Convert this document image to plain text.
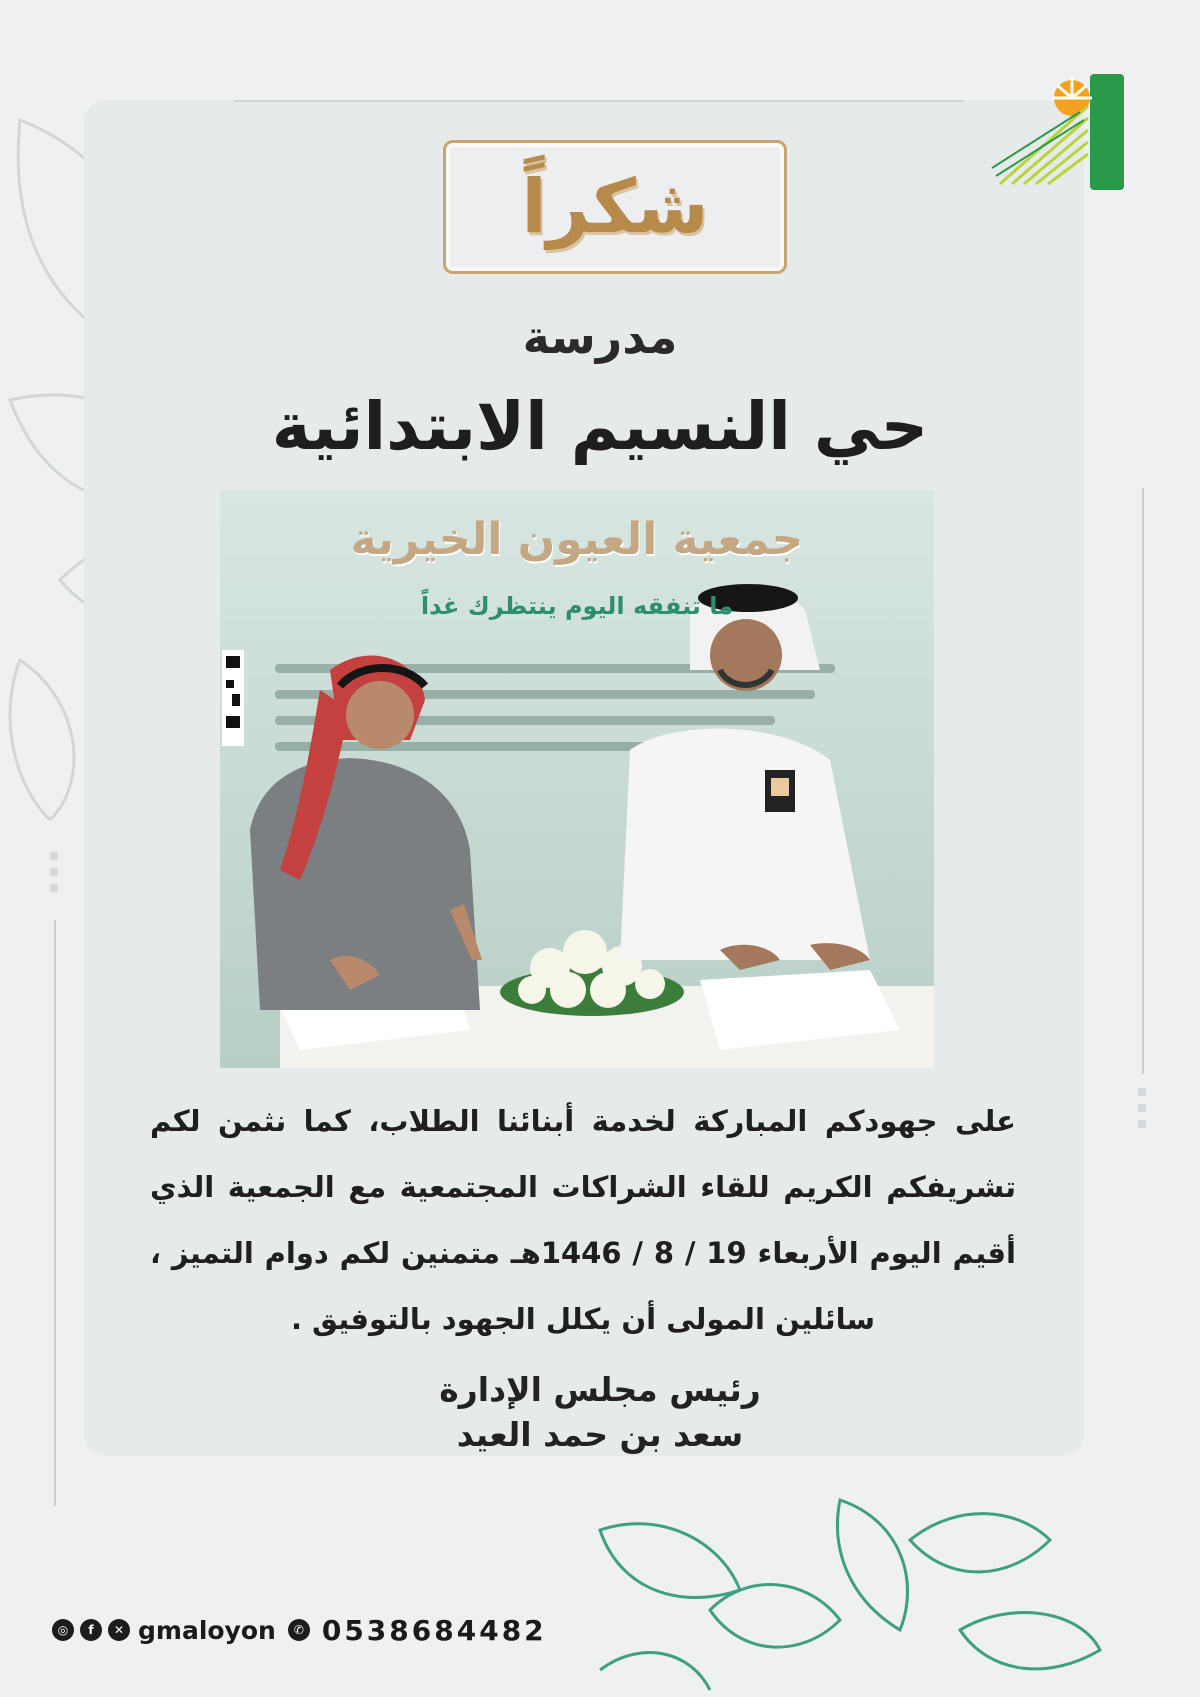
شكراً
مدرسة
حي النسيم الابتدائية
جمعية العيون الخيرية
ما تنفقه اليوم ينتظرك غداً
على جهودكم المباركة لخدمة أبنائنا الطلاب، كما نثمن لكم تشريفكم الكريم للقاء الشراكات المجتمعية مع الجمعية الذي أقيم اليوم الأربعاء 19 / 8 / 1446هـ متمنين لكم دوام التميز ، سائلين المولى أن يكلل الجهود بالتوفيق .
رئيس مجلس الإدارة
سعد بن حمد العيد
◎	f	✕ gmaloyon	✆ 0538684482
